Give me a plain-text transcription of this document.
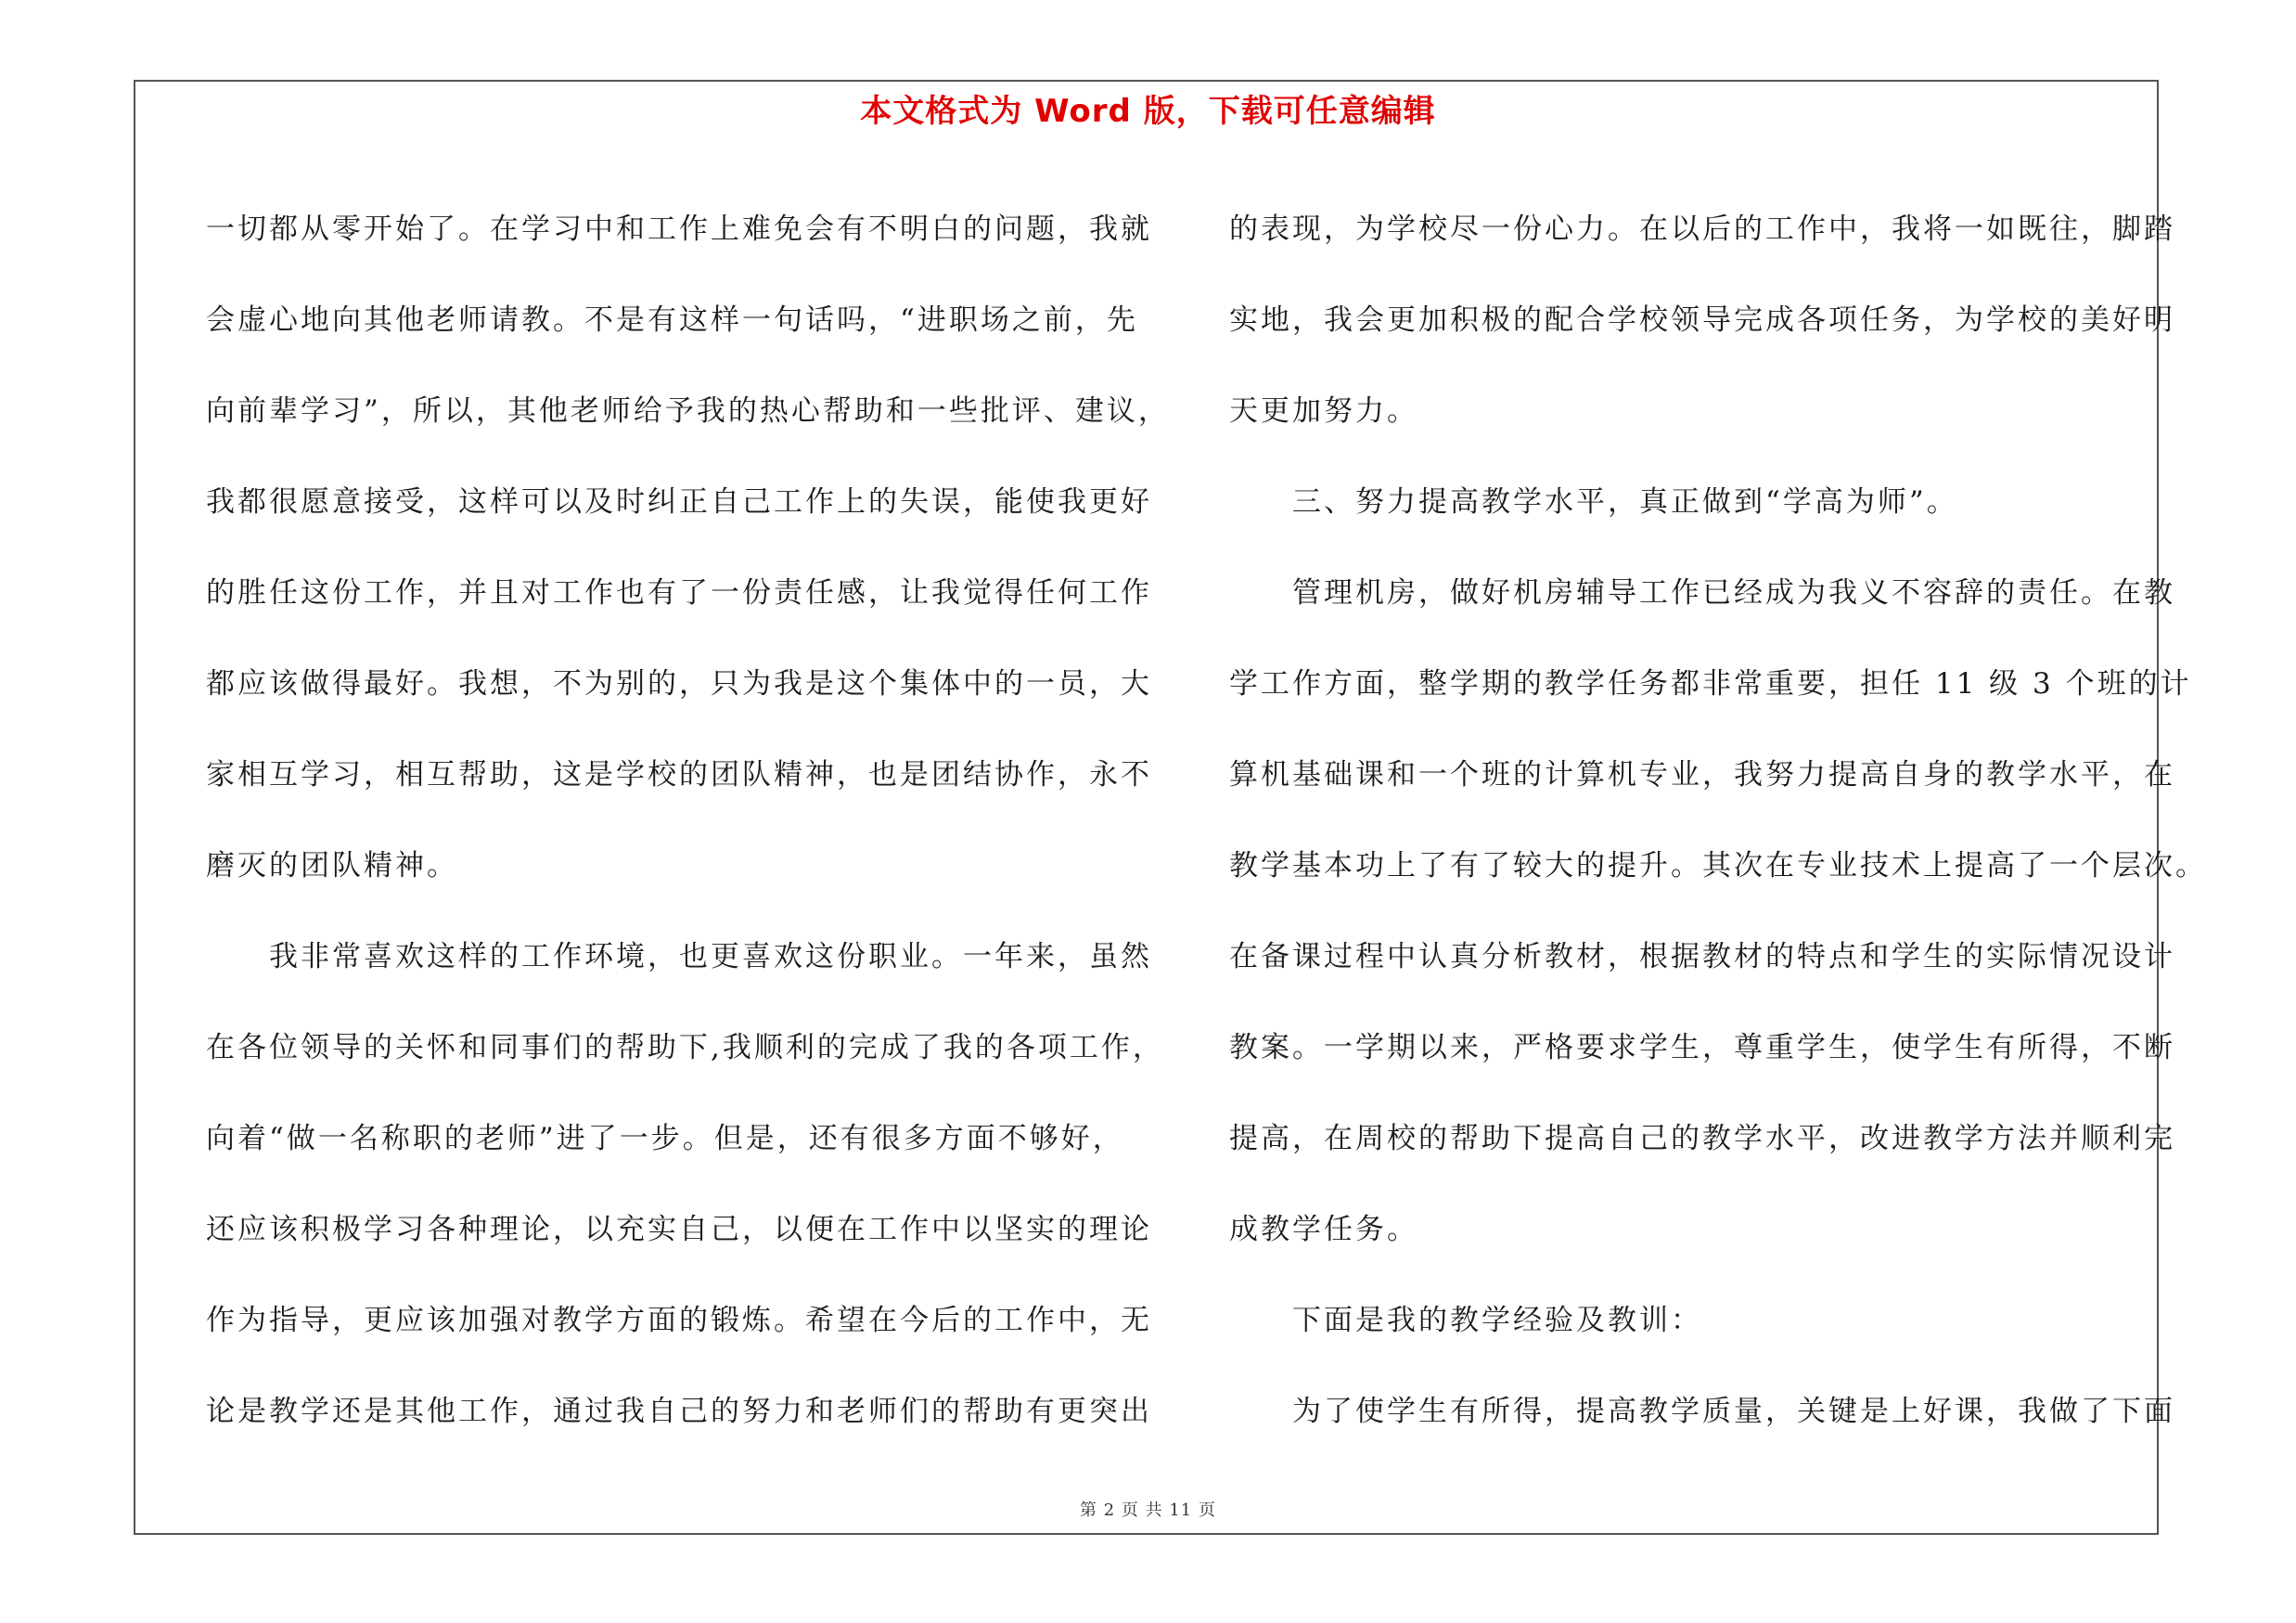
本文格式为 Word 版，下载可任意编辑
一切都从零开始了。在学习中和工作上难免会有不明白的问题，我就
会虚心地向其他老师请教。不是有这样一句话吗，“进职场之前，先
向前辈学习”，所以，其他老师给予我的热心帮助和一些批评、建议，
我都很愿意接受，这样可以及时纠正自己工作上的失误，能使我更好
的胜任这份工作，并且对工作也有了一份责任感，让我觉得任何工作
都应该做得最好。我想，不为别的，只为我是这个集体中的一员，大
家相互学习，相互帮助，这是学校的团队精神，也是团结协作，永不
磨灭的团队精神。
我非常喜欢这样的工作环境，也更喜欢这份职业。一年来，虽然
在各位领导的关怀和同事们的帮助下,我顺利的完成了我的各项工作，
向着“做一名称职的老师”进了一步。但是，还有很多方面不够好，
还应该积极学习各种理论，以充实自己，以便在工作中以坚实的理论
作为指导，更应该加强对教学方面的锻炼。希望在今后的工作中，无
论是教学还是其他工作，通过我自己的努力和老师们的帮助有更突出
的表现，为学校尽一份心力。在以后的工作中，我将一如既往，脚踏
实地，我会更加积极的配合学校领导完成各项任务，为学校的美好明
天更加努力。
三、努力提高教学水平，真正做到“学高为师”。
管理机房，做好机房辅导工作已经成为我义不容辞的责任。在教
学工作方面，整学期的教学任务都非常重要，担任 11 级 3 个班的计
算机基础课和一个班的计算机专业，我努力提高自身的教学水平，在
教学基本功上了有了较大的提升。其次在专业技术上提高了一个层次。
在备课过程中认真分析教材，根据教材的特点和学生的实际情况设计
教案。一学期以来，严格要求学生，尊重学生，使学生有所得，不断
提高，在周校的帮助下提高自己的教学水平，改进教学方法并顺利完
成教学任务。
下面是我的教学经验及教训：
为了使学生有所得，提高教学质量，关键是上好课，我做了下面
第 2 页 共 11 页
